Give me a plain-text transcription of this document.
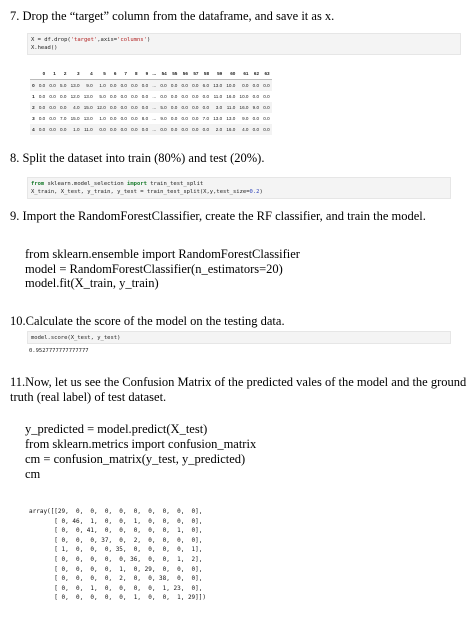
7. Drop the “target” column from the dataframe, and save it as x.
X = df.drop('target',axis='columns')
X.head()
	0	1	2	3	4	5	6	7	8	9	...	54	55	56	57	58	59	60	61	62	63
0	0.0	0.0	5.0	13.0	9.0	1.0	0.0	0.0	0.0	0.0	...	0.0	0.0	0.0	0.0	6.0	13.0	10.0	0.0	0.0	0.0
1	0.0	0.0	0.0	12.0	13.0	5.0	0.0	0.0	0.0	0.0	...	0.0	0.0	0.0	0.0	0.0	11.0	16.0	10.0	0.0	0.0
2	0.0	0.0	0.0	4.0	15.0	12.0	0.0	0.0	0.0	0.0	...	5.0	0.0	0.0	0.0	0.0	3.0	11.0	16.0	9.0	0.0
3	0.0	0.0	7.0	15.0	13.0	1.0	0.0	0.0	0.0	8.0	...	9.0	0.0	0.0	0.0	7.0	13.0	13.0	9.0	0.0	0.0
4	0.0	0.0	0.0	1.0	11.0	0.0	0.0	0.0	0.0	0.0	...	0.0	0.0	0.0	0.0	0.0	2.0	16.0	4.0	0.0	0.0
8. Split the dataset into train (80%) and test (20%).
from sklearn.model_selection import train_test_split
X_train, X_test, y_train, y_test = train_test_split(X,y,test_size=0.2)
9. Import the RandomForestClassifier, create the RF classifier, and train the model.
from sklearn.ensemble import RandomForestClassifier
model = RandomForestClassifier(n_estimators=20)
model.fit(X_train, y_train)
10.Calculate the score of the model on the testing data.
model.score(X_test, y_test)
0.9527777777777777
11.Now, let us see the Confusion Matrix of the predicted vales of the model and the ground truth (real label) of test dataset.
y_predicted = model.predict(X_test)
from sklearn.metrics import confusion_matrix
cm = confusion_matrix(y_test, y_predicted)
cm
array([[29,  0,  0,  0,  0,  0,  0,  0,  0,  0],
[ 0, 46,  1,  0,  0,  1,  0,  0,  0,  0],
[ 0,  0, 41,  0,  0,  0,  0,  0,  1,  0],
[ 0,  0,  0, 37,  0,  2,  0,  0,  0,  0],
[ 1,  0,  0,  0, 35,  0,  0,  0,  0,  1],
[ 0,  0,  0,  0,  0, 36,  0,  0,  1,  2],
[ 0,  0,  0,  0,  1,  0, 29,  0,  0,  0],
[ 0,  0,  0,  0,  2,  0,  0, 38,  0,  0],
[ 0,  0,  1,  0,  0,  0,  0,  1, 23,  0],
[ 0,  0,  0,  0,  0,  1,  0,  0,  1, 29]])
